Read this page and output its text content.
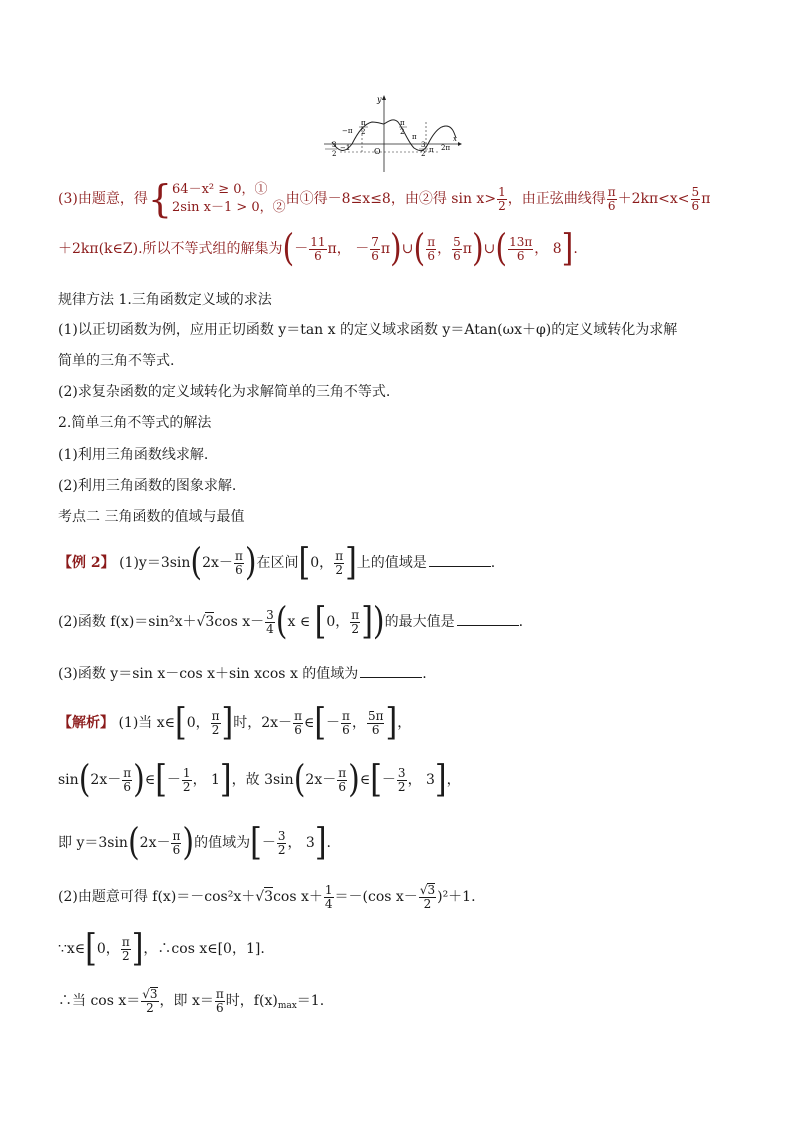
y
x
O
−π
π
2
π
2
π
−1
3
2
3
2 π 2π
(3)由题意，得{ 64－x² ≥ 0，①
2sin x－1 > 0，②
由①得－8≤x≤8，由②得 $\sin x> \frac{1}{2}$ ，由正弦曲线得 $\frac{\pi}{6} +2k\pi<x< \frac{5}{6}$ π
＋2kπ(k∈Z).所以不等式组的解集为(－ $\frac{11}{6}$ π， － $\frac{7}{6}$ π)∪( $\frac{\pi}{6}$ ， $\frac{5}{6}$ π)∪( $\frac{13\pi}{6}$ ， 8].
规律方法 1.三角函数定义域的求法
(1)以正切函数为例，应用正切函数 y＝tan x 的定义域求函数 y＝Atan(ωx＋φ)的定义域转化为求解
简单的三角不等式.
(2)求复杂函数的定义域转化为求解简单的三角不等式.
2.简单三角不等式的解法
(1)利用三角函数线求解.
(2)利用三角函数的图象求解.
考点二 三角函数的值域与最值
【例 2】 $(1)y=3\sin(2x- \frac{\pi}{6}$ )在区间[0， $\frac{\pi}{2}$ ]上的值域是	.
(2)函数 f(x)＝sin²x＋√3cos $x- \frac{3}{4} (x$ ∈ [0， $\frac{\pi}{2}$ ])的最大值是	.
(3)函数 y＝sin x－cos x＋sin xcos x 的值域为	.
【解析】 (1)当 x∈[0， $\frac{\pi}{2}$ ]时，$2x- \frac{\pi}{6}$ ∈[－ $\frac{\pi}{6}$ ， $\frac{5\pi}{6}$ ]，
$\sin(2x- \frac{\pi}{6}$ )∈[－ $\frac{1}{2}$ ， 1]，故 $3\sin(2x- \frac{\pi}{6}$ )∈[－ $\frac{3}{2}$ ， 3]，
即 $y=3\sin(2x- \frac{\pi}{6}$ )的值域为[－ $\frac{3}{2}$ ， 3].
(2)由题意可得 f(x)＝－cos²x＋√3cos $x+ \frac{1}{4} =-(\cos$ $x- \frac{√3}{2} )^2+1$.
∵x∈[0， $\frac{\pi}{2}$ ]，∴cos x∈[0，1].
∴当 $\cos x= \frac{√3}{2}$ ，即 $x= \frac{\pi}{6}$ 时，$f(x)_{max}=1$.
